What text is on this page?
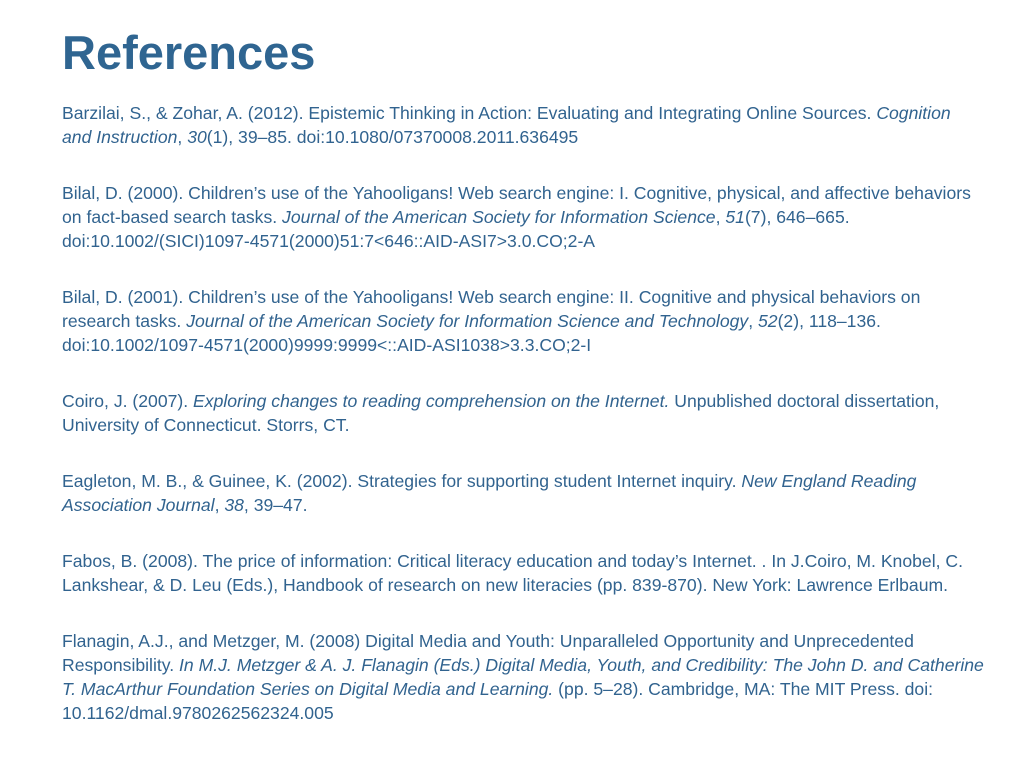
References

Barzilai, S., & Zohar, A. (2012). Epistemic Thinking in Action: Evaluating and Integrating Online Sources. Cognition and Instruction, 30(1), 39–85. doi:10.1080/07370008.2011.636495

Bilal, D. (2000). Children’s use of the Yahooligans! Web search engine: I. Cognitive, physical, and affective behaviors on fact-based search tasks. Journal of the American Society for Information Science, 51(7), 646–665. doi:10.1002/(SICI)1097-4571(2000)51:7<646::AID-ASI7>3.0.CO;2-A

Bilal, D. (2001). Children’s use of the Yahooligans! Web search engine: II. Cognitive and physical behaviors on research tasks. Journal of the American Society for Information Science and Technology, 52(2), 118–136. doi:10.1002/1097-4571(2000)9999:9999<::AID-ASI1038>3.3.CO;2-I

Coiro, J. (2007). Exploring changes to reading comprehension on the Internet. Unpublished doctoral dissertation, University of Connecticut. Storrs, CT.

Eagleton, M. B., & Guinee, K. (2002). Strategies for supporting student Internet inquiry. New England Reading Association Journal, 38, 39–47.

Fabos, B. (2008). The price of information: Critical literacy education and today’s Internet. . In J.Coiro, M. Knobel, C. Lankshear, & D. Leu (Eds.), Handbook of research on new literacies (pp. 839-870). New York: Lawrence Erlbaum.

Flanagin, A.J., and Metzger, M. (2008) Digital Media and Youth: Unparalleled Opportunity and Unprecedented Responsibility. In M.J. Metzger & A. J. Flanagin (Eds.) Digital Media, Youth, and Credibility: The John D. and Catherine T. MacArthur Foundation Series on Digital Media and Learning. (pp. 5–28). Cambridge, MA: The MIT Press. doi: 10.1162/dmal.9780262562324.005
